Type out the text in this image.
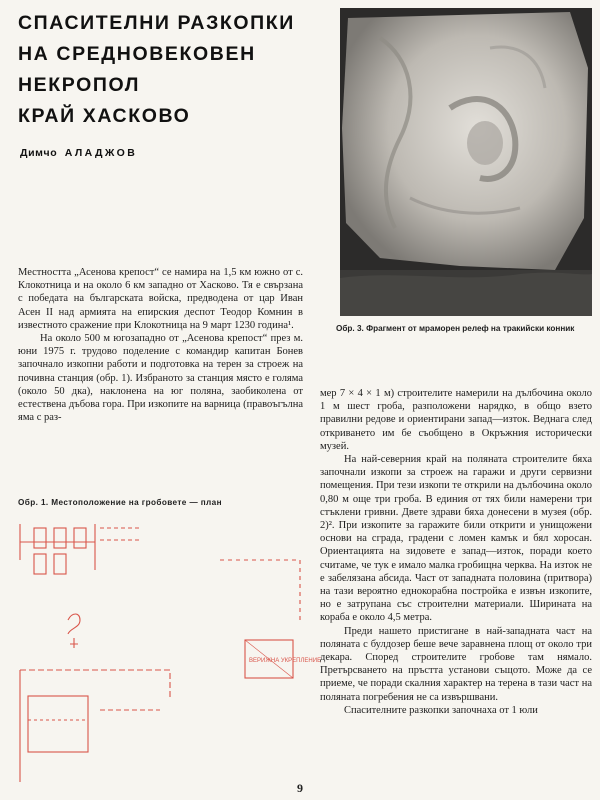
СПАСИТЕЛНИ РАЗКОПКИ
НА СРЕДНОВЕКОВЕН
НЕКРОПОЛ
КРАЙ ХАСКОВО
Димчо АЛАДЖОВ
Обр. 3. Фрагмент от мраморен релеф на тракийски конник

Местността „Асенова крепост“ се намира на 1,5 км южно от с. Клокотница и на около 6 км западно от Хасково. Тя е свързана с победата на българската войска, предводена от цар Иван Асен II над армията на епирския деспот Теодор Комнин в известното сражение при Клокотница на 9 март 1230 година¹.

На около 500 м югозападно от „Асенова крепост“ през м. юни 1975 г. трудово поделение с командир капитан Бонев започнало изкопни работи и подготовка на терен за строеж на почивна станция (обр. 1). Избраното за станция място е голяма (около 50 дка), наклонена на юг поляна, заобиколена от естествена дъбова гора. При изкопите на варница (правоъгълна яма с раз-

Обр. 1. Местоположение на гробовете — план
ВЕРИЖНА УКРЕПЛЕНИЕ

мер 7 × 4 × 1 м) строителите намерили на дълбочина около 1 м шест гроба, разположени нарядко, в общо взето правилни редове и ориентирани запад—изток. Веднага след откриването им бе съобщено в Окръжния исторически музей.

На най-северния край на поляната строителите бяха започнали изкопи за строеж на гаражи и други сервизни помещения. При тези изкопи те открили на дълбочина около 0,80 м още три гроба. В единия от тях били намерени три стъклени гривни. Двете здрави бяха донесени в музея (обр. 2)². При изкопите за гаражите били открити и унищожени основи на сграда, градени с ломен камък и бял хоросан. Ориентацията на зидовете е запад—изток, поради което считаме, че тук е имало малка гробищна черква. На изток не е забелязана абсида. Част от западната половина (притвора) на тази вероятно еднокорабна постройка е извън изкопите, но е затрупана със строителни материали. Ширината на кораба е около 4,5 метра.

Преди нашето пристигане в най-западната част на поляната с булдозер беше вече заравнена площ от около три декара. Според строителите гробове там нямало. Претърсването на пръстта установи същото. Може да се приеме, че поради скалния характер на терена в тази част на поляната погребения не са извършвани.

Спасителните разкопки започнаха от 1 юли

9
